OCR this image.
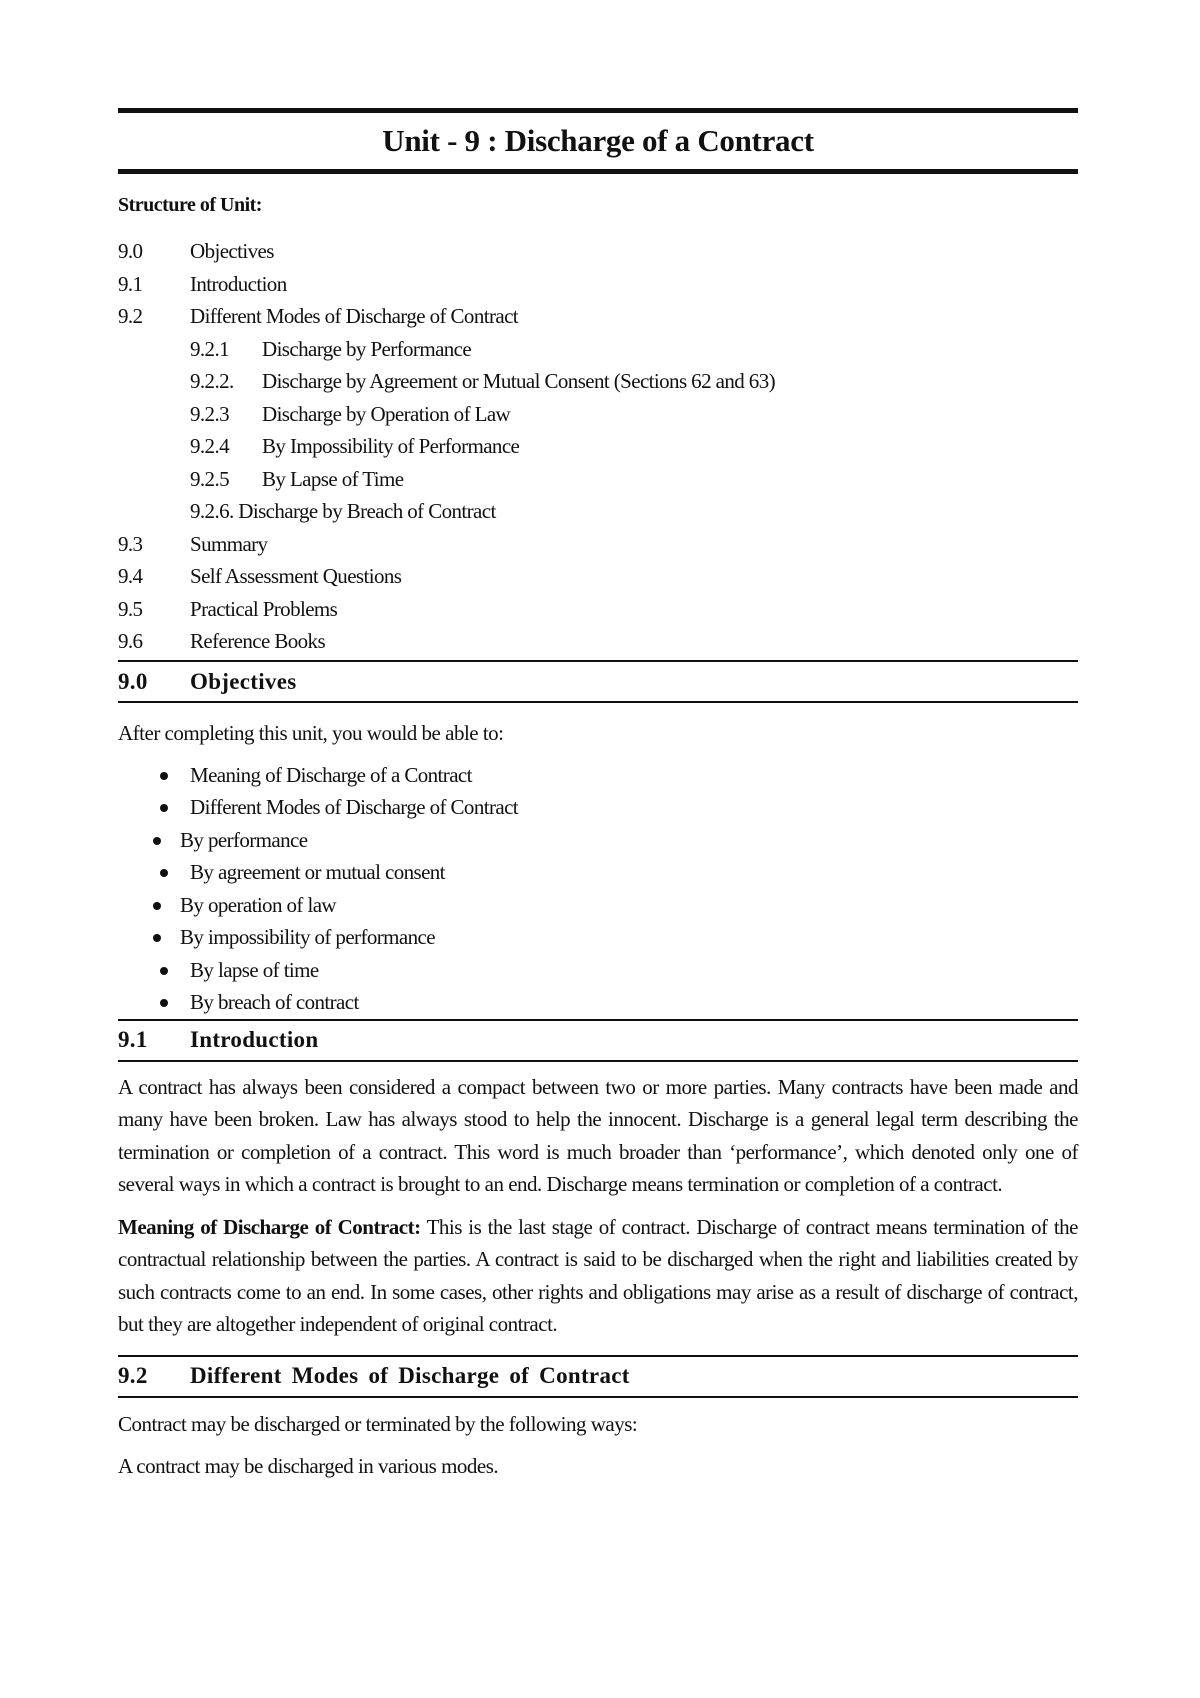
Unit - 9 : Discharge of a Contract
Structure of Unit:
9.0	Objectives
9.1	Introduction
9.2	Different Modes of Discharge of Contract
9.2.1	Discharge by Performance
9.2.2.	Discharge by Agreement or Mutual Consent (Sections 62 and 63)
9.2.3	Discharge by Operation of Law
9.2.4	By Impossibility of Performance
9.2.5	By Lapse of Time
9.2.6. Discharge by Breach of Contract
9.3	Summary
9.4	Self Assessment Questions
9.5	Practical Problems
9.6	Reference Books
9.0	Objectives

After completing this unit, you would be able to:

Meaning of Discharge of a Contract
Different Modes of Discharge of Contract
By performance
By agreement or mutual consent
By operation of law
By impossibility of performance
By lapse of time
By breach of contract
9.1	Introduction

A contract has always been considered a compact between two or more parties. Many contracts have been made and many have been broken. Law has always stood to help the innocent. Discharge is a general legal term describing the termination or completion of a contract. This word is much broader than ‘performance’, which denoted only one of several ways in which a contract is brought to an end. Discharge means termination or completion of a contract.

Meaning of Discharge of Contract: This is the last stage of contract. Discharge of contract means termination of the contractual relationship between the parties. A contract is said to be discharged when the right and liabilities created by such contracts come to an end. In some cases, other rights and obligations may arise as a result of discharge of contract, but they are altogether independent of original contract.

9.2	Different Modes of Discharge of Contract

Contract may be discharged or terminated by the following ways:

A contract may be discharged in various modes.
